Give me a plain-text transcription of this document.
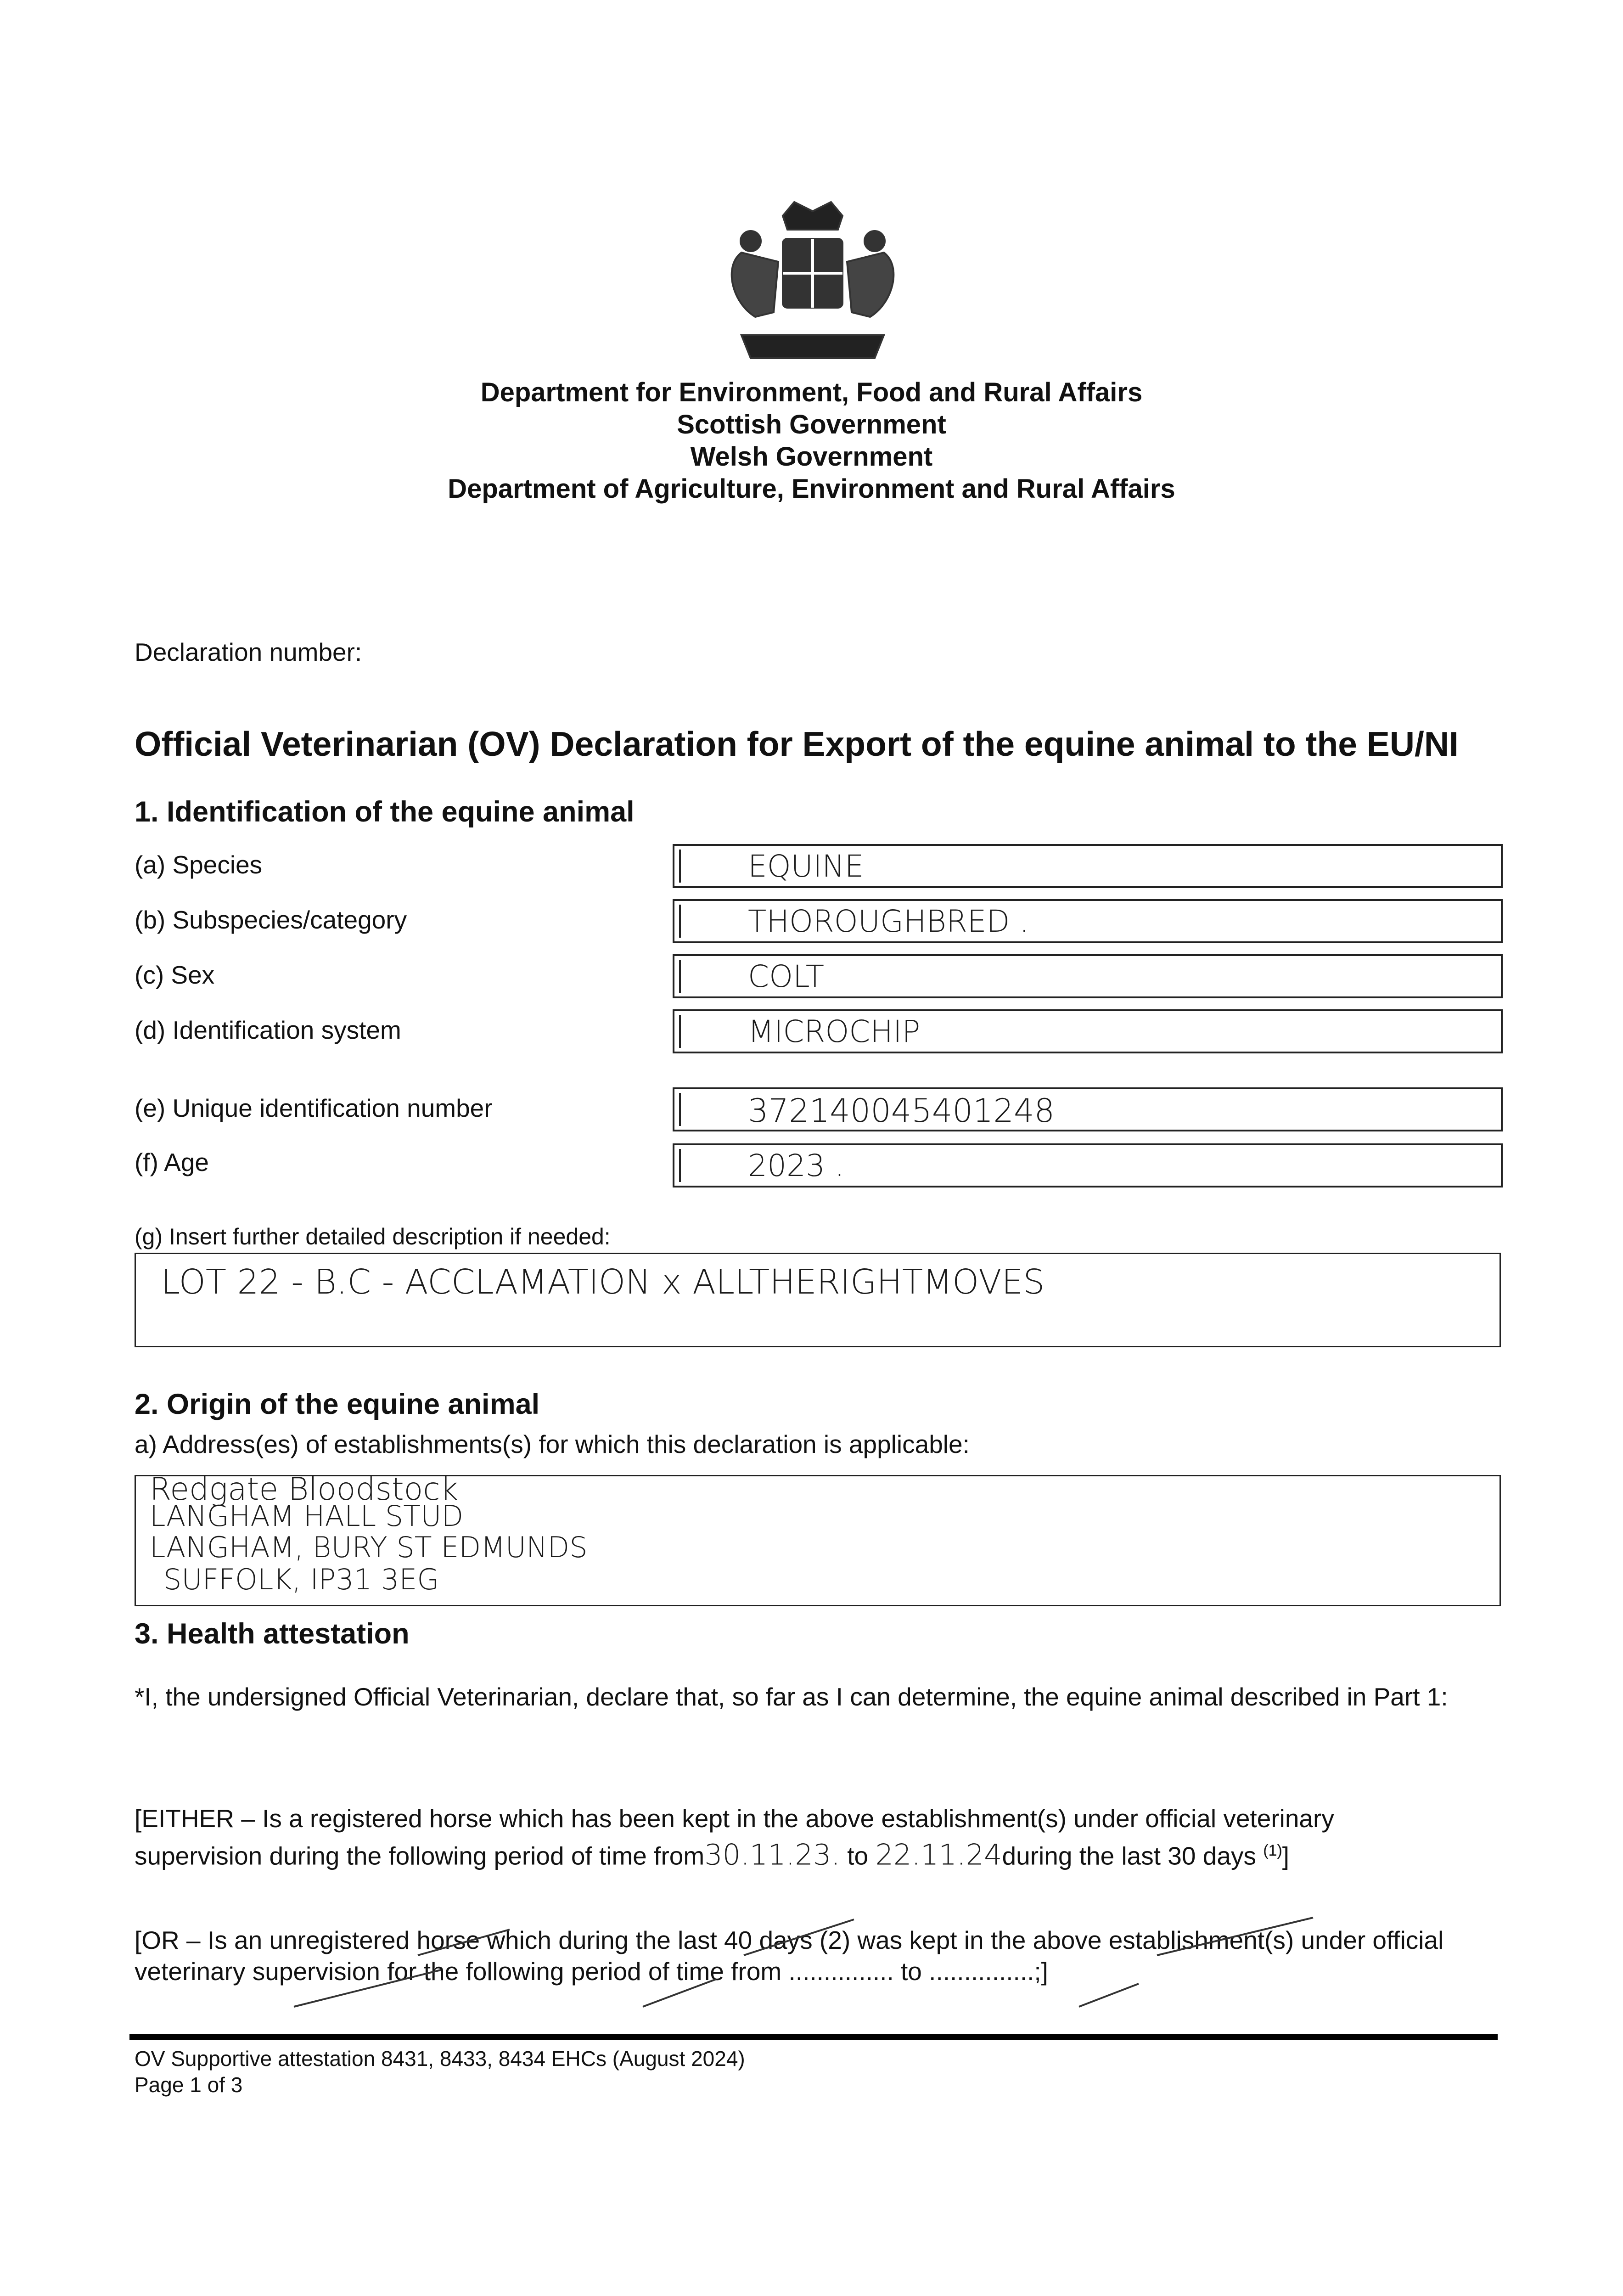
Department for Environment, Food and Rural Affairs
Scottish Government
Welsh Government
Department of Agriculture, Environment and Rural Affairs
Declaration number:
Official Veterinarian (OV) Declaration for Export of the equine animal to the EU/NI
1. Identification of the equine animal
(a) Species	EQUINE
(b) Subspecies/category	THOROUGHBRED .
(c) Sex	COLT
(d) Identification system	MICROCHIP
(e) Unique identification number	372140045401248
(f) Age	2023 .
(g) Insert further detailed description if needed:
LOT 22 - B.C - ACCLAMATION x ALLTHERIGHTMOVES
2. Origin of the equine animal
a) Address(es) of establishments(s) for which this declaration is applicable:
Redgate Bloodstock
LANGHAM HALL STUD
LANGHAM, BURY ST EDMUNDS
SUFFOLK, IP31 3EG
3. Health attestation
*I, the undersigned Official Veterinarian, declare that, so far as I can determine, the equine animal described in Part 1:
[EITHER – Is a registered horse which has been kept in the above establishment(s) under official veterinary
supervision during the following period of time from30.11.23. to 22.11.24during the last 30 days $^{(1)}$]
[OR – Is an unregistered horse which during the last 40 days (2) was kept in the above establishment(s) under official
veterinary supervision for the following period of time from ............... to ...............;]
OV Supportive attestation 8431, 8433, 8434 EHCs (August 2024)
Page 1 of 3
